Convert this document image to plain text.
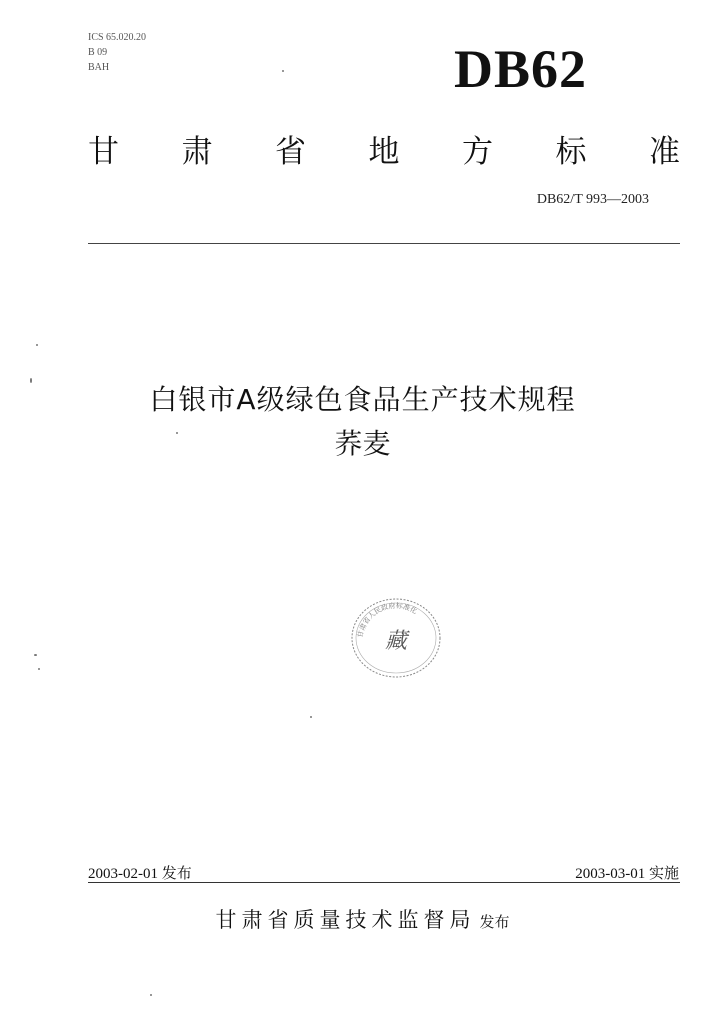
ICS 65.020.20
B 09
BAH	DB62
甘 肃 省 地 方 标 准
DB62/T 993—2003
白银市A级绿色食品生产技术规程
荞麦
甘肃省人民政府标准化
藏
2003-02-01 发布	2003-03-01 实施
甘肃省质量技术监督局 发布
